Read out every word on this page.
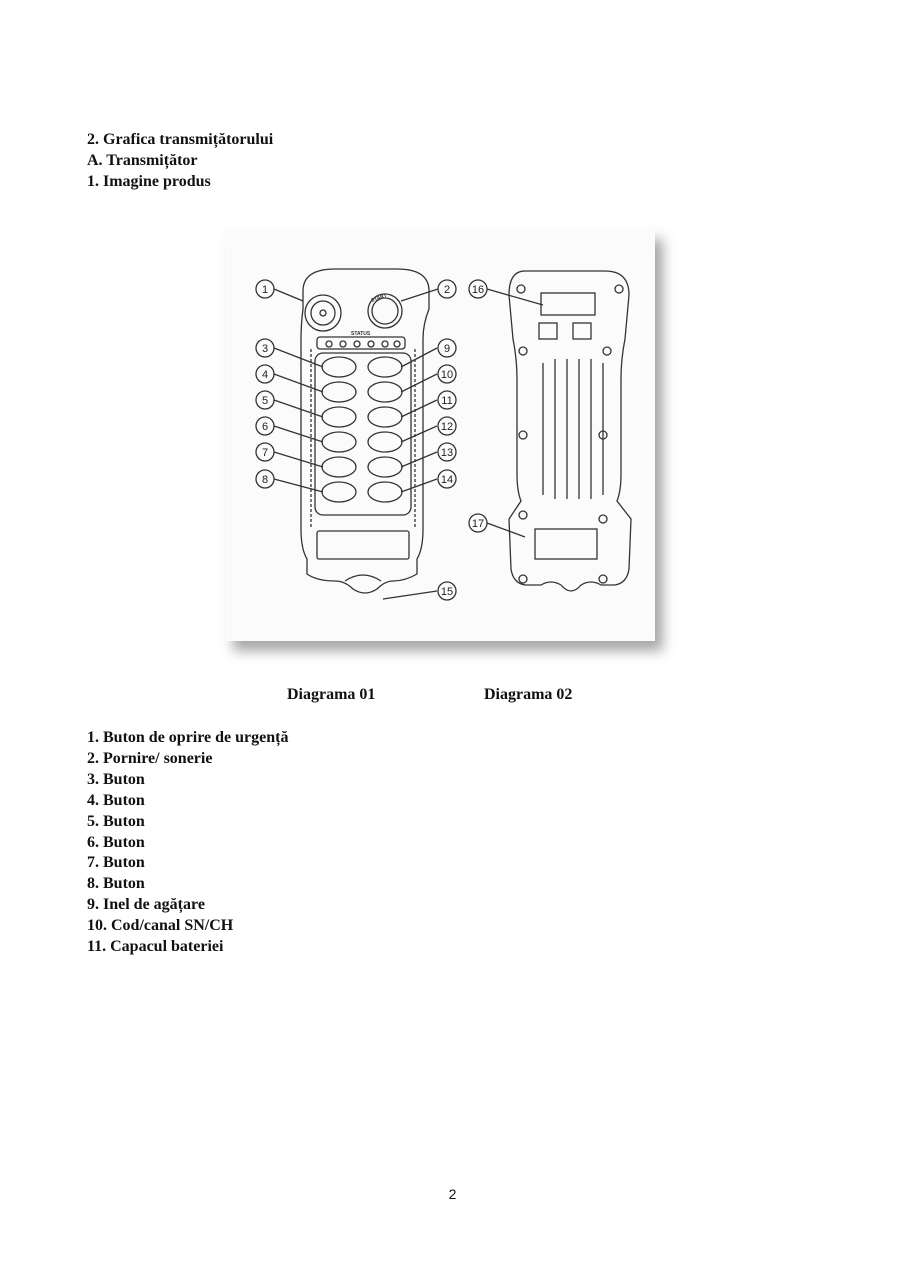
2. Grafica transmițătorului
A. Transmițător
1. Imagine produs
START
STATUS
1	2
3
4
5
6
7
8
9
10
11
12
13
14
15
16
17
Diagrama 01	Diagrama 02
1. Buton de oprire de urgență
2. Pornire/ sonerie
3. Buton
4. Buton
5. Buton
6. Buton
7. Buton
8. Buton
9. Inel de agățare
10. Cod/canal SN/CH
11. Capacul bateriei
2
